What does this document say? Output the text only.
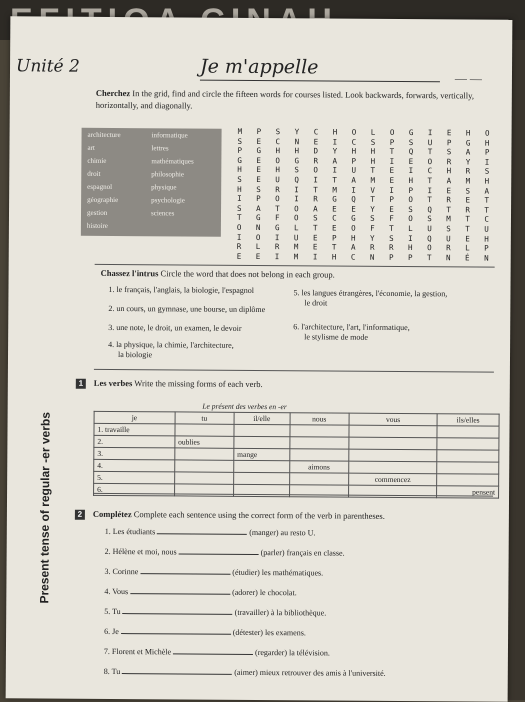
Unité 2	Je m'appelle
— —
Cherchez In the grid, find and circle the fifteen words for courses listed. Look backwards, forwards, vertically, horizontally, and diagonally.
architecture
art
chimie
droit
espagnol
géographie
gestion
histoire
informatique
lettres
mathématiques
philosophie
physique
psychologie
sciences
M P S Y C H O L O G I E H O
S E C N E I C S P S U P G H
P G H H D Y H H T Q T S A P
G E O G R A P H I E O R Y I
H E H S O I U T E I C H R S
S E U Q I T A M E H T A M H
H S R I T M I V I P I E S A
I P O I R G Q T P O T R E T
S A T O A E E Y E S Q T R T
T G F O S C G S F O S M T C
O N G L T E O F T L U S T U
I O I U E P H Y S I Q U E H
R L R M E T A R R H O R L P
E E I M I H C N P P T N É N
Chassez l'intrus Circle the word that does not belong in each group.
1. le français, l'anglais, la biologie, l'espagnol
2. un cours, un gymnase, une bourse, un diplôme
3. une note, le droit, un examen, le devoir
4. la physique, la chimie, l'architecture,
la biologie
5. les langues étrangères, l'économie, la gestion,
le droit
6. l'architecture, l'art, l'informatique,
le stylisme de mode
1	Les verbes Write the missing forms of each verb.
Le présent des verbes en -er					
je	tu	il/elle	nous	vous	ils/elles
1. travaille					
2.	oublies				
3.		mange			
4.			aimons		
5.				commencez	
6.					pensent
Present tense of regular -er verbs	2	Complétez Complete each sentence using the correct form of the verb in parentheses.
1. Les étudiants	(manger) au resto U.
2. Hélène et moi, nous	(parler) français en classe.
3. Corinne	(étudier) les mathématiques.
4. Vous	(adorer) le chocolat.
5. Tu	(travailler) à la bibliothèque.
6. Je	(détester) les examens.
7. Florent et Michèle	(regarder) la télévision.
8. Tu	(aimer) mieux retrouver des amis à l'université.
